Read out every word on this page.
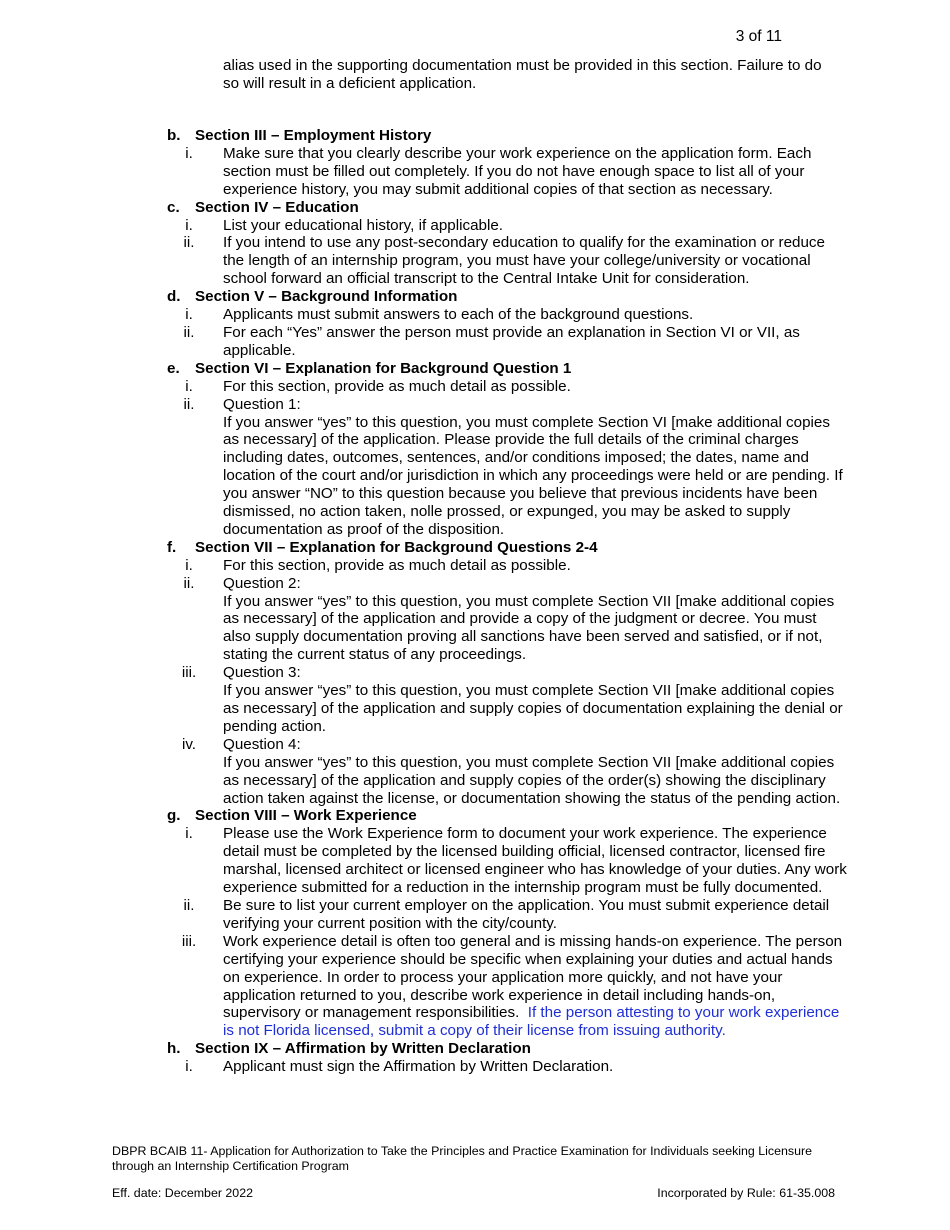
3 of 11
alias used in the supporting documentation must be provided in this section. Failure to do so will result in a deficient application.
b. Section III – Employment History
i.	Make sure that you clearly describe your work experience on the application form. Each section must be filled out completely. If you do not have enough space to list all of your experience history, you may submit additional copies of that section as necessary.
c.	Section IV – Education
i.	List your educational history, if applicable.
ii.	If you intend to use any post-secondary education to qualify for the examination or reduce the length of an internship program, you must have your college/university or vocational school forward an official transcript to the Central Intake Unit for consideration.
d. Section V – Background Information
i.	Applicants must submit answers to each of the background questions.
ii.	For each “Yes” answer the person must provide an explanation in Section VI or VII, as applicable.
e.	Section VI – Explanation for Background Question 1
i.	For this section, provide as much detail as possible.
ii.	Question 1:
If you answer “yes” to this question, you must complete Section VI [make additional copies as necessary] of the application. Please provide the full details of the criminal charges including dates, outcomes, sentences, and/or conditions imposed; the dates, name and location of the court and/or jurisdiction in which any proceedings were held or are pending. If you answer “NO” to this question because you believe that previous incidents have been dismissed, no action taken, nolle prossed, or expunged, you may be asked to supply documentation as proof of the disposition.
f.	Section VII – Explanation for Background Questions 2-4
i.	For this section, provide as much detail as possible.
ii.	Question 2:
If you answer “yes” to this question, you must complete Section VII [make additional copies as necessary] of the application and provide a copy of the judgment or decree. You must also supply documentation proving all sanctions have been served and satisfied, or if not, stating the current status of any proceedings.
iii.	Question 3:
If you answer “yes” to this question, you must complete Section VII [make additional copies as necessary] of the application and supply copies of documentation explaining the denial or pending action.
iv.	Question 4:
If you answer “yes” to this question, you must complete Section VII [make additional copies as necessary] of the application and supply copies of the order(s) showing the disciplinary action taken against the license, or documentation showing the status of the pending action.
g. Section VIII – Work Experience
i.	Please use the Work Experience form to document your work experience. The experience detail must be completed by the licensed building official, licensed contractor, licensed fire marshal, licensed architect or licensed engineer who has knowledge of your duties. Any work experience submitted for a reduction in the internship program must be fully documented.
ii.	Be sure to list your current employer on the application. You must submit experience detail verifying your current position with the city/county.
iii.	Work experience detail is often too general and is missing hands-on experience. The person certifying your experience should be specific when explaining your duties and actual hands on experience. In order to process your application more quickly, and not have your application returned to you, describe work experience in detail including hands-on, supervisory or management responsibilities. If the person attesting to your work experience is not Florida licensed, submit a copy of their license from issuing authority.
h. Section IX – Affirmation by Written Declaration
i.	Applicant must sign the Affirmation by Written Declaration.
DBPR BCAIB 11- Application for Authorization to Take the Principles and Practice Examination for Individuals seeking Licensure through an Internship Certification Program
Eff. date: December 2022	Incorporated by Rule: 61-35.008
